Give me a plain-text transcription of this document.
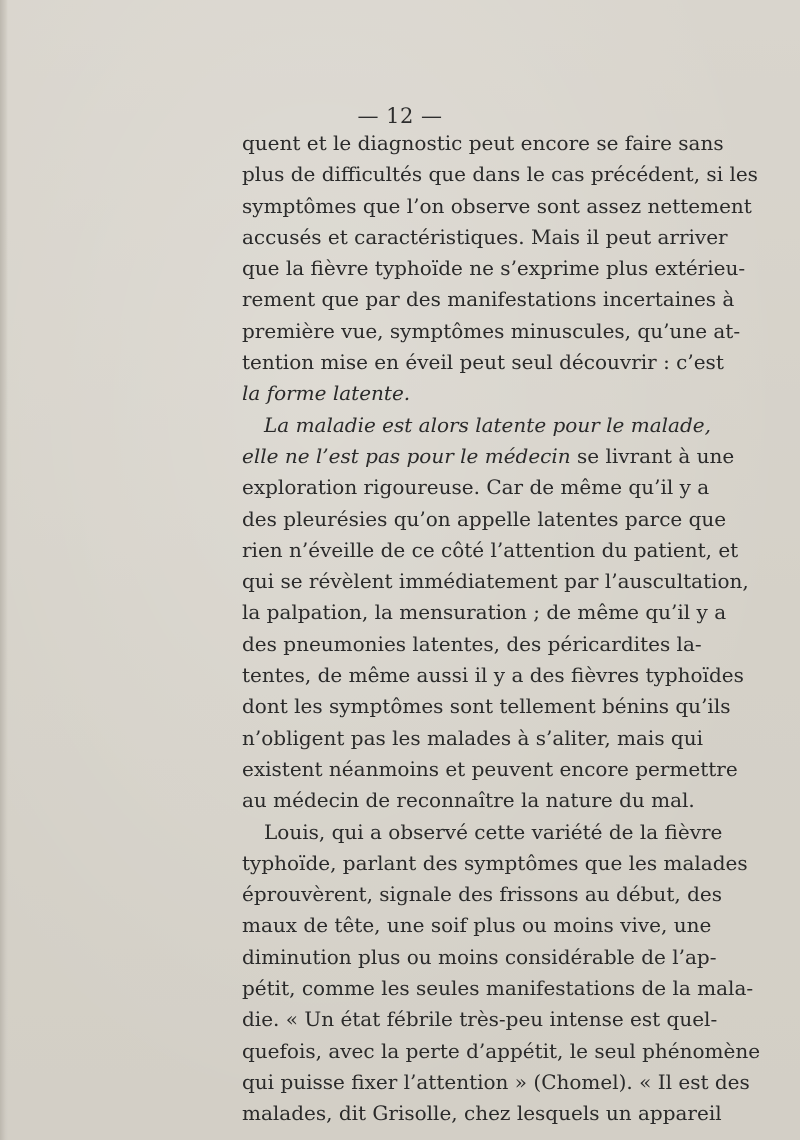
— 12 —
quent et le diagnostic peut encore se faire sans
plus de difficultés que dans le cas précédent, si les
symptômes que l’on observe sont assez nettement
accusés et caractéristiques. Mais il peut arriver
que la fièvre typhoïde ne s’exprime plus extérieu-
rement que par des manifestations incertaines à
première vue, symptômes minuscules, qu’une at-
tention mise en éveil peut seul découvrir : c’est
la forme latente.
La maladie est alors latente pour le malade,
elle ne l’est pas pour le médecin se livrant à une
exploration rigoureuse. Car de même qu’il y a
des pleurésies qu’on appelle latentes parce que
rien n’éveille de ce côté l’attention du patient, et
qui se révèlent immédiatement par l’auscultation,
la palpation, la mensuration ; de même qu’il y a
des pneumonies latentes, des péricardites la-
tentes, de même aussi il y a des fièvres typhoïdes
dont les symptômes sont tellement bénins qu’ils
n’obligent pas les malades à s’aliter, mais qui
existent néanmoins et peuvent encore permettre
au médecin de reconnaître la nature du mal.
Louis, qui a observé cette variété de la fièvre
typhoïde, parlant des symptômes que les malades
éprouvèrent, signale des frissons au début, des
maux de tête, une soif plus ou moins vive, une
diminution plus ou moins considérable de l’ap-
pétit, comme les seules manifestations de la mala-
die. « Un état fébrile très-peu intense est quel-
quefois, avec la perte d’appétit, le seul phénomène
qui puisse fixer l’attention » (Chomel). « Il est des
malades, dit Grisolle, chez lesquels un appareil
